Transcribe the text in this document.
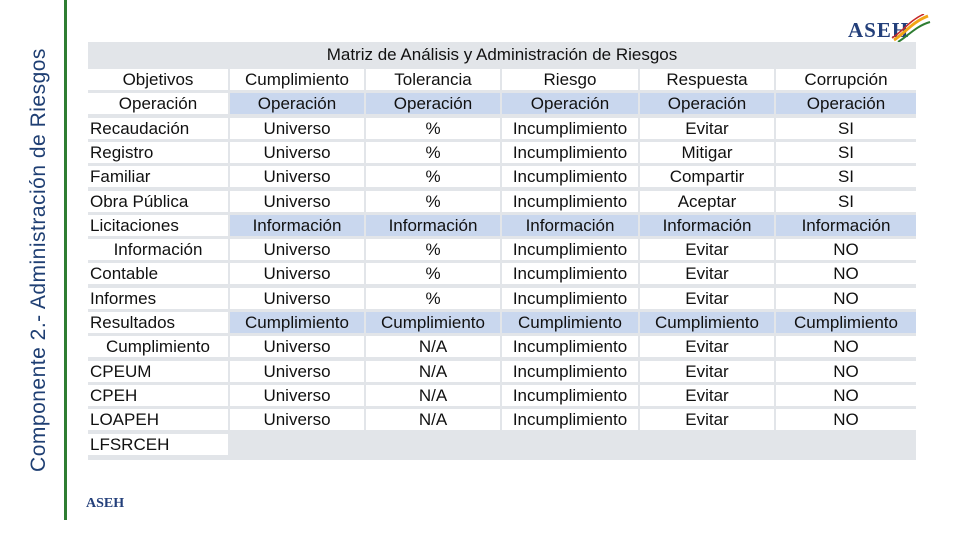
Componente 2.- Administración de Riesgos
ASEH
ASEH
Matriz de Análisis y Administración de Riesgos
Objetivos	Cumplimiento	Tolerancia	Riesgo	Respuesta	Corrupción
Operación	Operación	Operación	Operación	Operación	Operación
Recaudación	Universo	%	Incumplimiento	Evitar	SI
Registro	Universo	%	Incumplimiento	Mitigar	SI
Familiar	Universo	%	Incumplimiento	Compartir	SI
Obra Pública	Universo	%	Incumplimiento	Aceptar	SI
Licitaciones	Información	Información	Información	Información	Información
Información	Universo	%	Incumplimiento	Evitar	NO
Contable	Universo	%	Incumplimiento	Evitar	NO
Informes	Universo	%	Incumplimiento	Evitar	NO
Resultados	Cumplimiento	Cumplimiento	Cumplimiento	Cumplimiento	Cumplimiento
Cumplimiento	Universo	N/A	Incumplimiento	Evitar	NO
CPEUM	Universo	N/A	Incumplimiento	Evitar	NO
CPEH	Universo	N/A	Incumplimiento	Evitar	NO
LOAPEH	Universo	N/A	Incumplimiento	Evitar	NO
LFSRCEH
